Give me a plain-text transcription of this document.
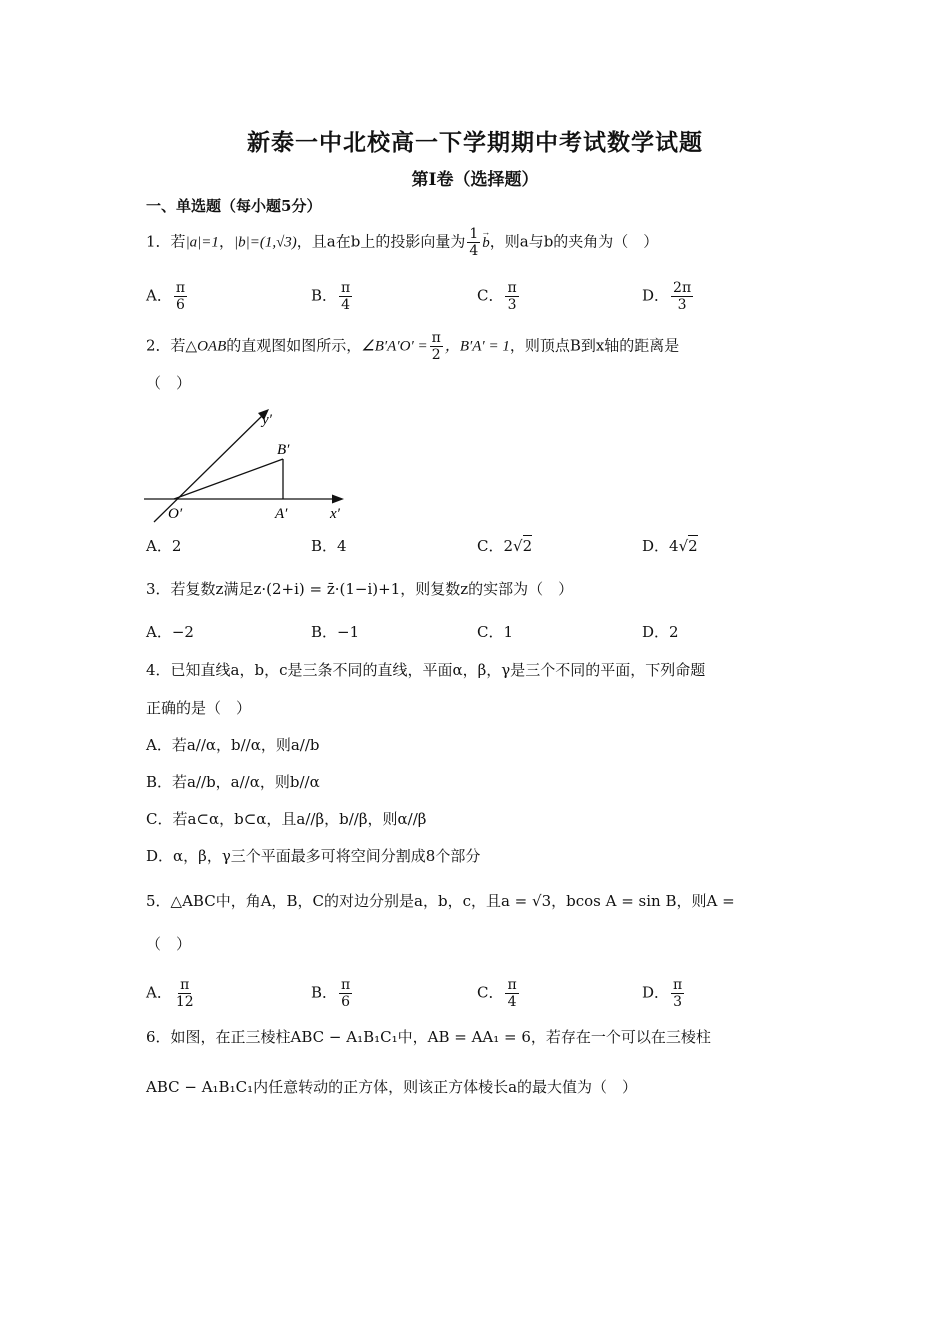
新泰一中北校高一下学期期中考试数学试题
第Ⅰ卷（选择题）
一、单选题（每小题5分）
1．若|a|=1，|b|=(1,√3)，且a在b上的投影向量为 $\frac{1}{4}$
→ b，则a与b的夹角为（　）
A． $\frac{\pi}{6}$	B． $\frac{\pi}{4}$	C． $\frac{\pi}{3}$	D． $\frac{2\pi}{3}$
2．若△OAB的直观图如图所示，∠B′A′O′ = $\frac{\pi}{2}$ ，B′A′ = 1，则顶点B到x轴的距离是
（　）
y′
B′
O′	A′	x′
A．2	B．4	C．2√2	D．4√2
3．若复数z满足z·(2+i) = z̄·(1−i)+1，则复数z的实部为（　）
A．−2	B．−1	C．1	D．2
4．已知直线a，b，c是三条不同的直线，平面α，β，γ是三个不同的平面，下列命题
正确的是（　）
A．若a//α，b//α，则a//b
B．若a//b，a//α，则b//α
C．若a⊂α，b⊂α，且a//β，b//β，则α//β
D．α，β，γ三个平面最多可将空间分割成8个部分
5．△ABC中，角A，B，C的对边分别是a，b，c，且a = √3，bcos A = sin B，则A =
（　）
A． $\frac{\pi}{12}$	B． $\frac{\pi}{6}$	C． $\frac{\pi}{4}$	D． $\frac{\pi}{3}$
6．如图，在正三棱柱ABC − A₁B₁C₁中，AB = AA₁ = 6，若存在一个可以在三棱柱
ABC − A₁B₁C₁内任意转动的正方体，则该正方体棱长a的最大值为（　）
